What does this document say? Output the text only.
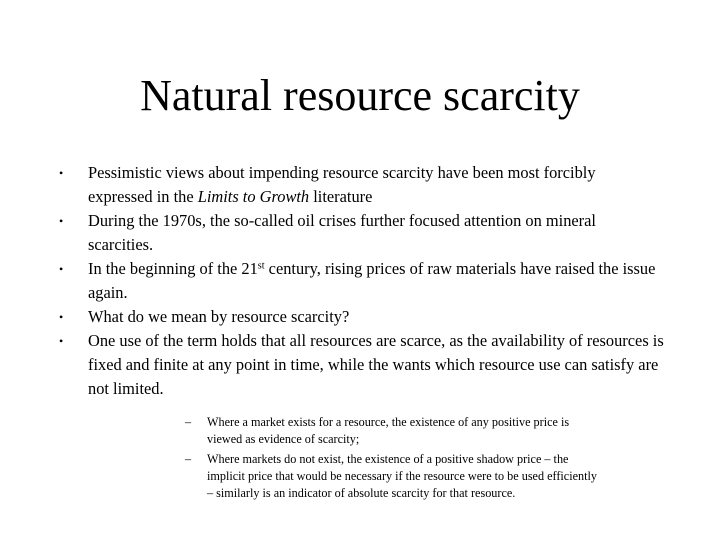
Natural resource scarcity
• Pessimistic views about impending resource scarcity have been most forcibly expressed in the Limits to Growth literature
• During the 1970s, the so-called oil crises further focused attention on mineral scarcities.
• In the beginning of the 21st century, rising prices of raw materials have raised the issue again.
• What do we mean by resource scarcity?
• One use of the term holds that all resources are scarce, as the availability of resources is fixed and finite at any point in time, while the wants which resource use can satisfy are not limited.
– Where a market exists for a resource, the existence of any positive price is viewed as evidence of scarcity;
– Where markets do not exist, the existence of a positive shadow price – the implicit price that would be necessary if the resource were to be used efficiently – similarly is an indicator of absolute scarcity for that resource.
